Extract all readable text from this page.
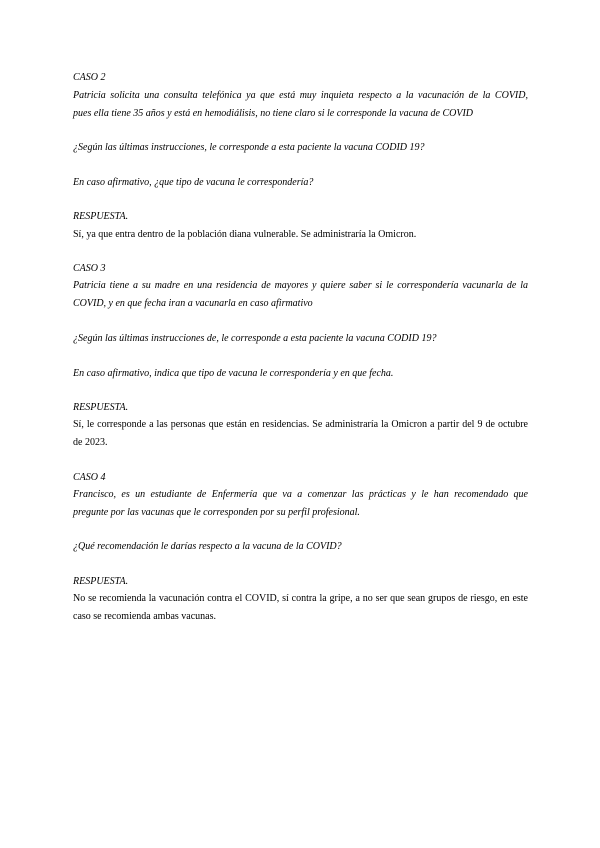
CASO 2
Patricia solicita una consulta telefónica ya que está muy inquieta respecto a la vacunación de la COVID,
pues ella tiene 35 años y está en hemodiálisis, no tiene claro si le corresponde la vacuna de COVID
¿Según las últimas instrucciones, le corresponde a esta paciente la vacuna CODID 19?
En caso afirmativo, ¿que tipo de vacuna le correspondería?
RESPUESTA.
Sí, ya que entra dentro de la población diana vulnerable. Se administraría la Omicron.
CASO 3
Patricia tiene a su madre en una residencia de mayores y quiere saber si le correspondería vacunarla de la
COVID, y en que fecha iran a vacunarla en caso afirmativo
¿Según las últimas instrucciones de, le corresponde a esta paciente la vacuna CODID 19?
En caso afirmativo, indica que tipo de vacuna le correspondería y en que fecha.
RESPUESTA.
Sí, le corresponde a las personas que están en residencias. Se administraría la Omicron a partir del 9 de octubre
de 2023.
CASO 4
Francisco, es un estudiante de Enfermería que va a comenzar las prácticas y le han recomendado que
pregunte por las vacunas que le corresponden por su perfil profesional.
¿Qué recomendación le darías respecto a la vacuna de la COVID?
RESPUESTA.
No se recomienda la vacunación contra el COVID, sí contra la gripe, a no ser que sean grupos de riesgo, en este
caso se recomienda ambas vacunas.
